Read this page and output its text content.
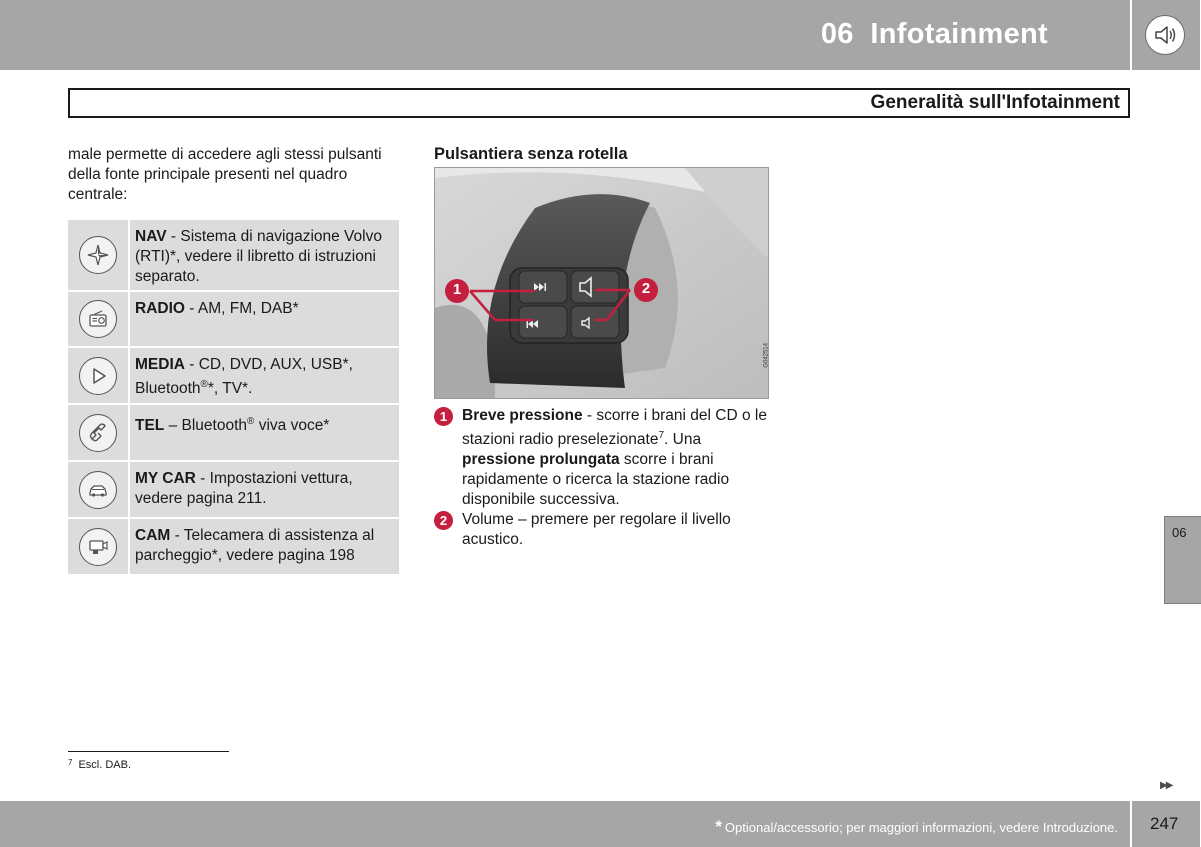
06  Infotainment
Generalità sull'Infotainment
male permette di accedere agli stessi pulsanti della fonte principale presenti nel quadro centrale:
NAV - Sistema di navigazione Volvo (RTI)*, vedere il libretto di istruzioni separato.
RADIO - AM, FM, DAB*
MEDIA - CD, DVD, AUX, USB*, Bluetooth®*, TV*.
TEL – Bluetooth® viva voce*
MY CAR - Impostazioni vettura, vedere pagina 211.
CAM - Telecamera di assistenza al parcheggio*, vedere pagina 198
Pulsantiera senza rotella
1	2
G042514
1 Breve pressione - scorre i brani del CD o le stazioni radio preselezionate$^7$. Una pressione prolungata scorre i brani rapidamente o ricerca la stazione radio disponibile successiva.
2 Volume – premere per regolare il livello acustico.	06
$^7$ Escl. DAB.
▶▶
* Optional/accessorio; per maggiori informazioni, vedere Introduzione. 247
